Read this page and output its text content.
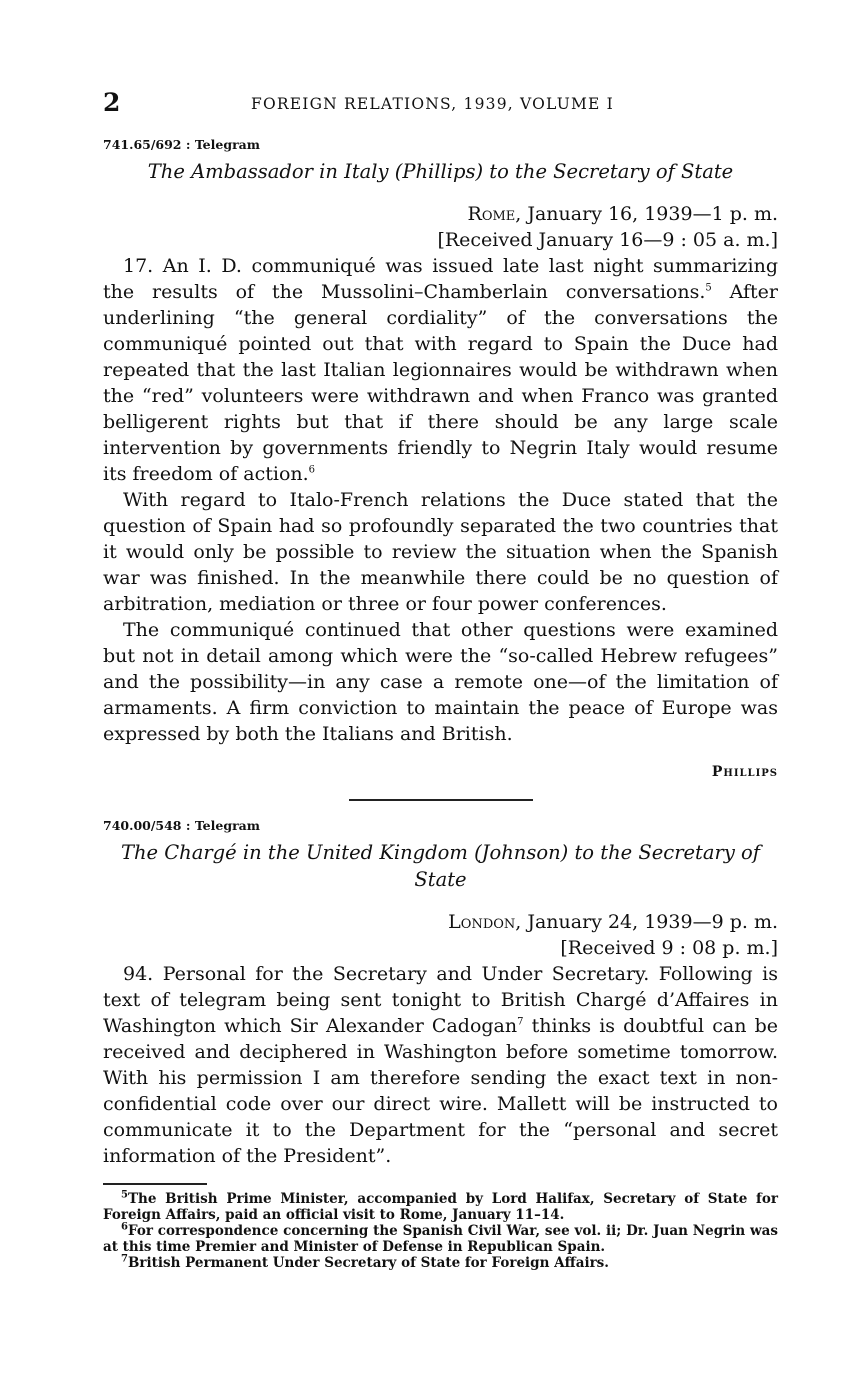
2	FOREIGN RELATIONS, 1939, VOLUME I
741.65/692 : Telegram
The Ambassador in Italy (Phillips) to the Secretary of State
Rome, January 16, 1939—1 p. m.
[Received January 16—9 : 05 a. m.]

17. An I. D. communiqué was issued late last night summarizing the results of the Mussolini–Chamberlain conversations.$^5$ After underlining “the general cordiality” of the conversations the communiqué pointed out that with regard to Spain the Duce had repeated that the last Italian legionnaires would be withdrawn when the “red” volunteers were withdrawn and when Franco was granted belligerent rights but that if there should be any large scale intervention by governments friendly to Negrin Italy would resume its freedom of action.$^6$

With regard to Italo-French relations the Duce stated that the question of Spain had so profoundly separated the two countries that it would only be possible to review the situation when the Spanish war was finished. In the meanwhile there could be no question of arbitration, mediation or three or four power conferences.

The communiqué continued that other questions were examined but not in detail among which were the “so-called Hebrew refugees” and the possibility—in any case a remote one—of the limitation of armaments. A firm conviction to maintain the peace of Europe was expressed by both the Italians and British.

Phillips
740.00/548 : Telegram
The Chargé in the United Kingdom (Johnson) to the Secretary of State
London, January 24, 1939—9 p. m.
[Received 9 : 08 p. m.]

94. Personal for the Secretary and Under Secretary. Following is text of telegram being sent tonight to British Chargé d’Affaires in Washington which Sir Alexander Cadogan$^7$ thinks is doubtful can be received and deciphered in Washington before sometime tomorrow. With his permission I am therefore sending the exact text in non-confidential code over our direct wire. Mallett will be instructed to communicate it to the Department for the “personal and secret information of the President”.

$^5$The British Prime Minister, accompanied by Lord Halifax, Secretary of State for Foreign Affairs, paid an official visit to Rome, January 11–14.

$^6$For correspondence concerning the Spanish Civil War, see vol. ii; Dr. Juan Negrin was at this time Premier and Minister of Defense in Republican Spain.

$^7$British Permanent Under Secretary of State for Foreign Affairs.
